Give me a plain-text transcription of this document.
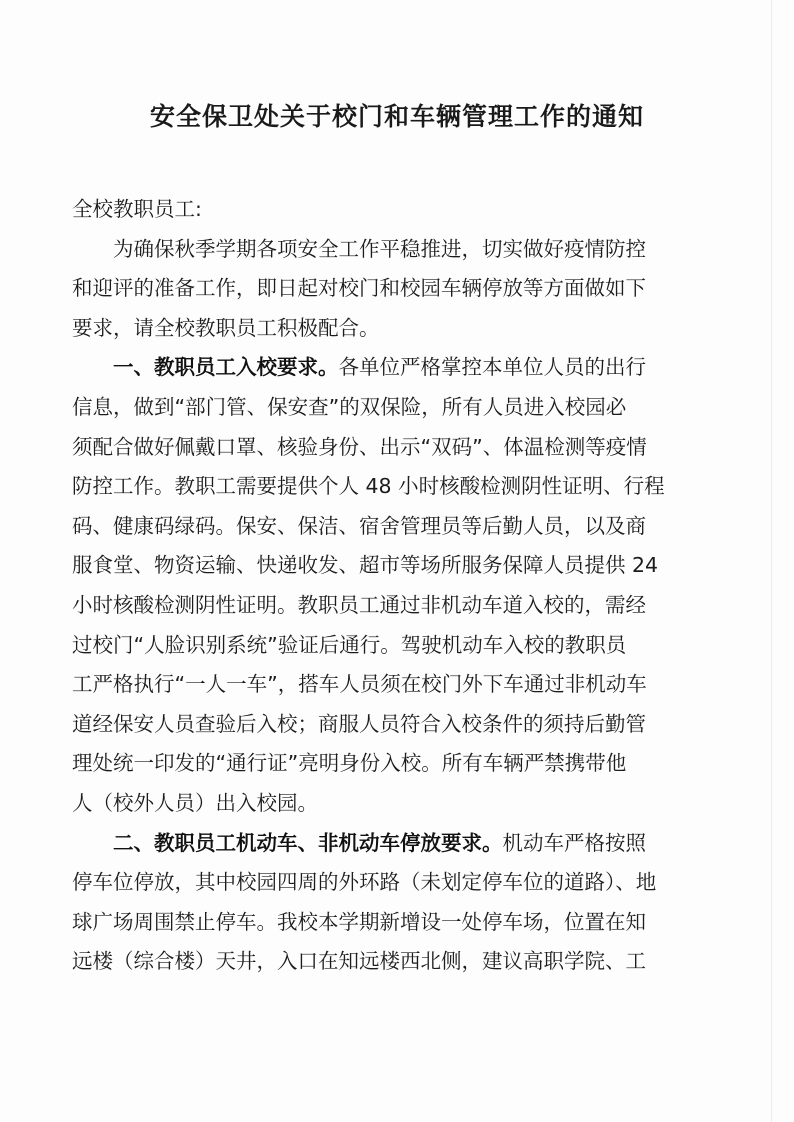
安全保卫处关于校门和车辆管理工作的通知
全校教职员工:
为确保秋季学期各项安全工作平稳推进，切实做好疫情防控
和迎评的准备工作，即日起对校门和校园车辆停放等方面做如下
要求，请全校教职员工积极配合。
一、教职员工入校要求。各单位严格掌控本单位人员的出行
信息，做到“部门管、保安查”的双保险，所有人员进入校园必
须配合做好佩戴口罩、核验身份、出示“双码”、体温检测等疫情
防控工作。教职工需要提供个人 48 小时核酸检测阴性证明、行程
码、健康码绿码。保安、保洁、宿舍管理员等后勤人员，以及商
服食堂、物资运输、快递收发、超市等场所服务保障人员提供 24
小时核酸检测阴性证明。教职员工通过非机动车道入校的，需经
过校门“人脸识别系统”验证后通行。驾驶机动车入校的教职员
工严格执行“一人一车”，搭车人员须在校门外下车通过非机动车
道经保安人员查验后入校；商服人员符合入校条件的须持后勤管
理处统一印发的“通行证”亮明身份入校。所有车辆严禁携带他
人（校外人员）出入校园。
二、教职员工机动车、非机动车停放要求。机动车严格按照
停车位停放，其中校园四周的外环路（未划定停车位的道路）、地
球广场周围禁止停车。我校本学期新增设一处停车场，位置在知
远楼（综合楼）天井，入口在知远楼西北侧，建议高职学院、工
